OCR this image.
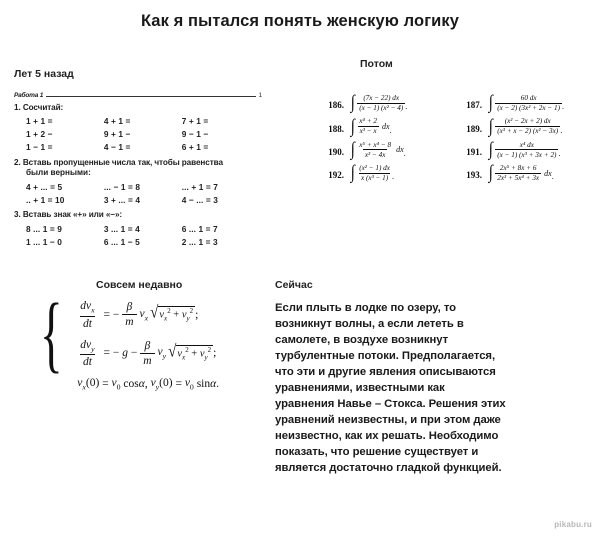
Как я пытался понять женскую логику
Лет 5 назад
Потом
Совсем недавно	Сейчас
Работа 1	1
1. Сосчитай:
1 + 1 =	4 + 1 =	7 + 1 =
1 + 2 −	9 + 1 −	9 − 1 −
1 − 1 =	4 − 1 =	6 + 1 =
2. Вставь пропущенные числа так, чтобы равенства
были верными:
4 + ... = 5	... − 1 = 8	... + 1 = 7
.. + 1 = 10	3 + ... = 4	4 − ... = 3
3. Вставь знак «+» или «−»:
8 ... 1 = 9	3 ... 1 = 4	6 ... 1 = 7
1 ... 1 − 0	6 ... 1 − 5	2 ... 1 = 3
186. ∫ $\frac{(7x - 22) dx}{\text{(x − 1) (x² − 4)}}$ .	187. ∫ $\frac{60 dx}{\text{(x − 2) (3x² + 2x − 1)}}$ .
188. ∫ $\frac{\text{x⁴ + 2}}{\text{x³ − x}}$ dx .	189. ∫ $\frac{\text{(x² − 2x + 2) dx}}{\text{(x³ + x − 2) (x² − 3x)}}$ .
190. ∫ $\frac{\text{x⁵ + x⁴ − 8}}{\text{x³ − 4x}}$ dx .	191. ∫ $\frac{\text{x⁴ dx}}{\text{(x − 1) (x³ + 3x + 2)}}$ .
192. ∫ $\frac{\text{(x² − 1) dx}}{\text{x (x³ − 1)}}$ .	193. ∫ $\frac{\text{2x⁵ + 8x + 6}}{\text{2x³ + 5x⁴ + 3x}}$ dx .
{ $dv_x$
dt
= − $\frac{\beta}{m} v_x$ √ $v_x^2 + v_y^2$ ;
$dv_y$
dt
= − $g - \frac{\beta}{m} v_y$ √ $v_x^2 + v_y^2$ ;
$v_x(0) = v_0$ cos α , $v_y(0) = v_0$ sin α .
Если плыть в лодке по озеру, то возникнут волны, а если лететь в самолете, в воздухе возникнут турбулентные потоки. Предполагается, что эти и другие явления описываются уравнениями, известными как уравнения Навье – Стокса. Решения этих уравнений неизвестны, и при этом даже неизвестно, как их решать. Необходимо показать, что решение существует и является достаточно гладкой функцией.
pikabu.ru
